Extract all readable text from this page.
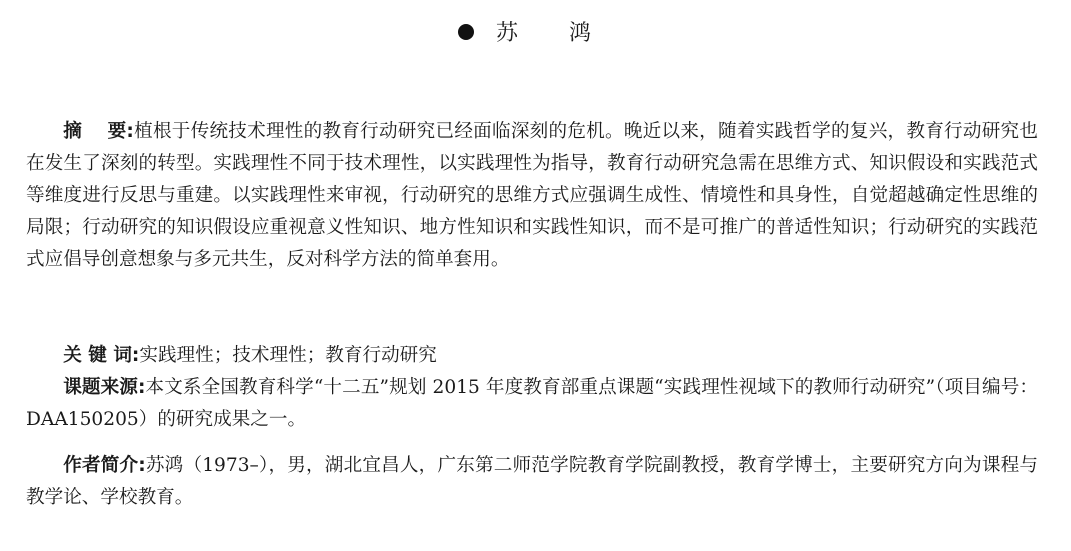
苏 鸿

摘　 要:植根于传统技术理性的教育行动研究已经面临深刻的危机。晚近以来，随着实践哲学的复兴，教育行动研究也在发生了深刻的转型。实践理性不同于技术理性，以实践理性为指导，教育行动研究急需在思维方式、知识假设和实践范式等维度进行反思与重建。以实践理性来审视，行动研究的思维方式应强调生成性、情境性和具身性，自觉超越确定性思维的局限；行动研究的知识假设应重视意义性知识、地方性知识和实践性知识，而不是可推广的普适性知识；行动研究的实践范式应倡导创意想象与多元共生，反对科学方法的简单套用。

关 键 词:实践理性；技术理性；教育行动研究

课题来源:本文系全国教育科学“十二五”规划 2015 年度教育部重点课题“实践理性视域下的教师行动研究”（项目编号：DAA150205）的研究成果之一。

作者简介:苏鸿（1973–），男，湖北宜昌人，广东第二师范学院教育学院副教授，教育学博士，主要研究方向为课程与教学论、学校教育。
